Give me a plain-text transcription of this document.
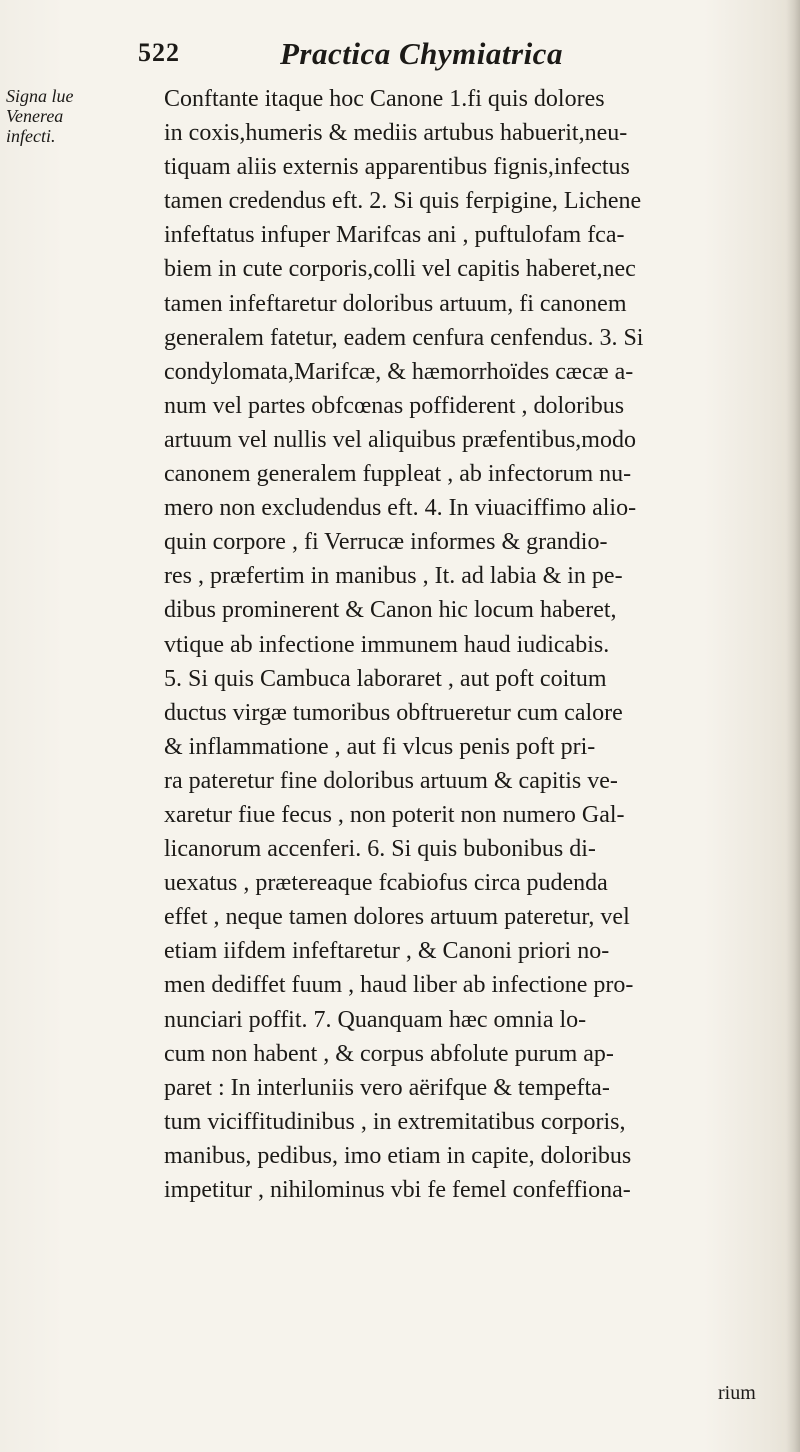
522	Practica Chymiatrica
Signa lue
Venerea
infecti.
Conftante itaque hoc Canone 1.fi quis dolores
in coxis,humeris & mediis artubus habuerit,neu-
tiquam aliis externis apparentibus fignis,infectus
tamen credendus eft. 2. Si quis ferpigine, Lichene
infeftatus infuper Marifcas ani , puftulofam fca-
biem in cute corporis,colli vel capitis haberet,nec
tamen infeftaretur doloribus artuum, fi canonem
generalem fatetur, eadem cenfura cenfendus. 3. Si
condylomata,Marifcæ, & hæmorrhoïdes cæcæ a-
num vel partes obfcœnas poffiderent , doloribus
artuum vel nullis vel aliquibus præfentibus,modo
canonem generalem fuppleat , ab infectorum nu-
mero non excludendus eft. 4. In viuaciffimo alio-
quin corpore , fi Verrucæ informes & grandio-
res , præfertim in manibus , It. ad labia & in pe-
dibus prominerent & Canon hic locum haberet,
vtique ab infectione immunem haud iudicabis.
5. Si quis Cambuca laboraret , aut poft coitum
ductus virgæ tumoribus obftrueretur cum calore
& inflammatione , aut fi vlcus penis poft pri-
ra pateretur fine doloribus artuum & capitis ve-
xaretur fiue fecus , non poterit non numero Gal-
licanorum accenferi. 6. Si quis bubonibus di-
uexatus , prætereaque fcabiofus circa pudenda
effet , neque tamen dolores artuum pateretur, vel
etiam iifdem infeftaretur , & Canoni priori no-
men dediffet fuum , haud liber ab infectione pro-
nunciari poffit. 7. Quanquam hæc omnia lo-
cum non habent , & corpus abfolute purum ap-
paret : In interluniis vero aërifque & tempefta-
tum viciffitudinibus , in extremitatibus corporis,
manibus, pedibus, imo etiam in capite, doloribus
impetitur , nihilominus vbi fe femel confeffiona-
rium
